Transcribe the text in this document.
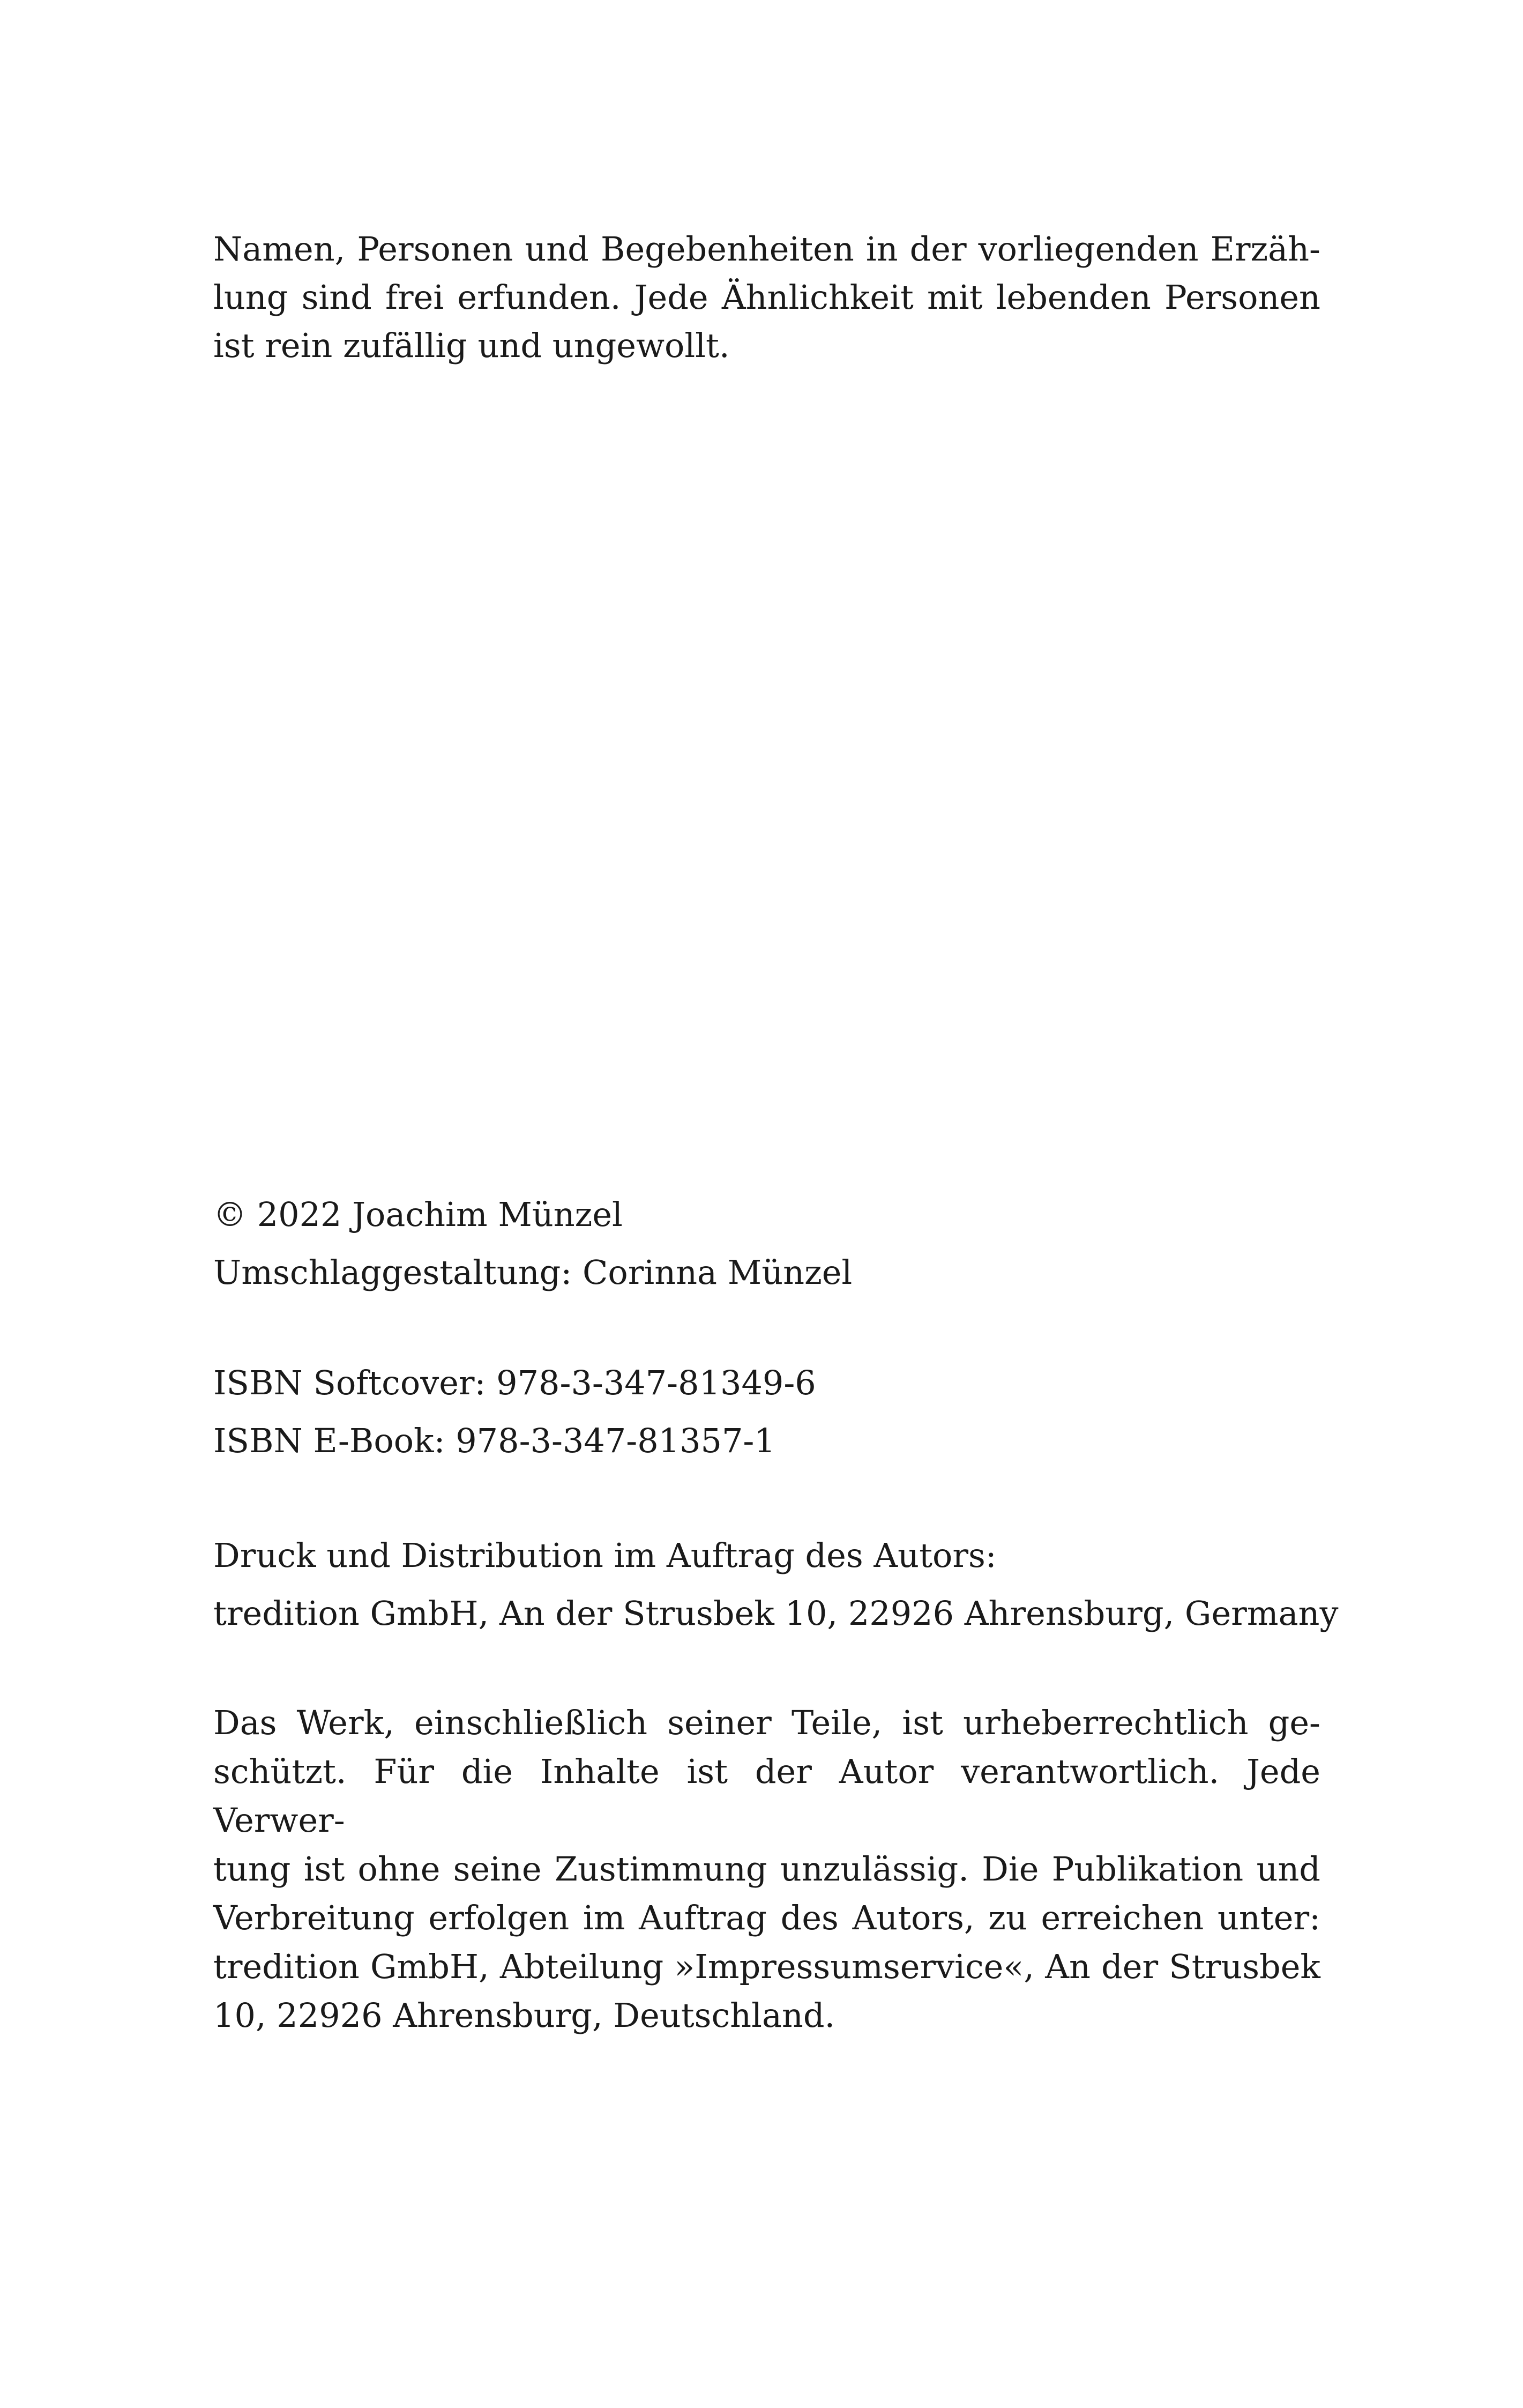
Namen, Personen und Begebenheiten in der vorliegenden Erzäh-
lung sind frei erfunden. Jede Ähnlichkeit mit lebenden Personen
ist rein zufällig und ungewollt.
© 2022 Joachim Münzel
Umschlaggestaltung: Corinna Münzel
ISBN Softcover: 978-3-347-81349-6
ISBN E-Book: 978-3-347-81357-1
Druck und Distribution im Auftrag des Autors:
tredition GmbH, An der Strusbek 10, 22926 Ahrensburg, Germany
Das Werk, einschließlich seiner Teile, ist urheberrechtlich ge-
schützt. Für die Inhalte ist der Autor verantwortlich. Jede Verwer-
tung ist ohne seine Zustimmung unzulässig. Die Publikation und
Verbreitung erfolgen im Auftrag des Autors, zu erreichen unter:
tredition GmbH, Abteilung »Impressumservice«, An der Strusbek
10, 22926 Ahrensburg, Deutschland.
